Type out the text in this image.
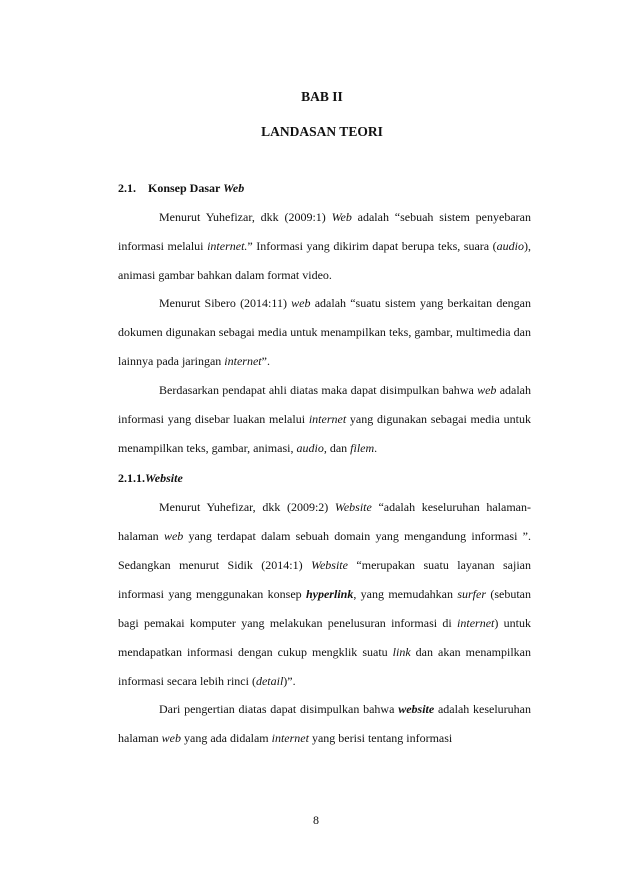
BAB II
LANDASAN TEORI
2.1. Konsep Dasar Web

Menurut Yuhefizar, dkk (2009:1) Web adalah “sebuah sistem penyebaran informasi melalui internet.” Informasi yang dikirim dapat berupa teks, suara (audio), animasi gambar bahkan dalam format video.

Menurut Sibero (2014:11) web adalah “suatu sistem yang berkaitan dengan dokumen digunakan sebagai media untuk menampilkan teks, gambar, multimedia dan lainnya pada jaringan internet”.

Berdasarkan pendapat ahli diatas maka dapat disimpulkan bahwa web adalah informasi yang disebar luakan melalui internet yang digunakan sebagai media untuk menampilkan teks, gambar, animasi, audio, dan filem.

2.1.1.Website

Menurut Yuhefizar, dkk (2009:2) Website “adalah keseluruhan halaman-halaman web yang terdapat dalam sebuah domain yang mengandung informasi ”. Sedangkan menurut Sidik (2014:1) Website “merupakan suatu layanan sajian informasi yang menggunakan konsep hyperlink, yang memudahkan surfer (sebutan bagi pemakai komputer yang melakukan penelusuran informasi di internet) untuk mendapatkan informasi dengan cukup mengklik suatu link dan akan menampilkan informasi secara lebih rinci (detail)”.

Dari pengertian diatas dapat disimpulkan bahwa website adalah keseluruhan halaman web yang ada didalam internet yang berisi tentang informasi

8
